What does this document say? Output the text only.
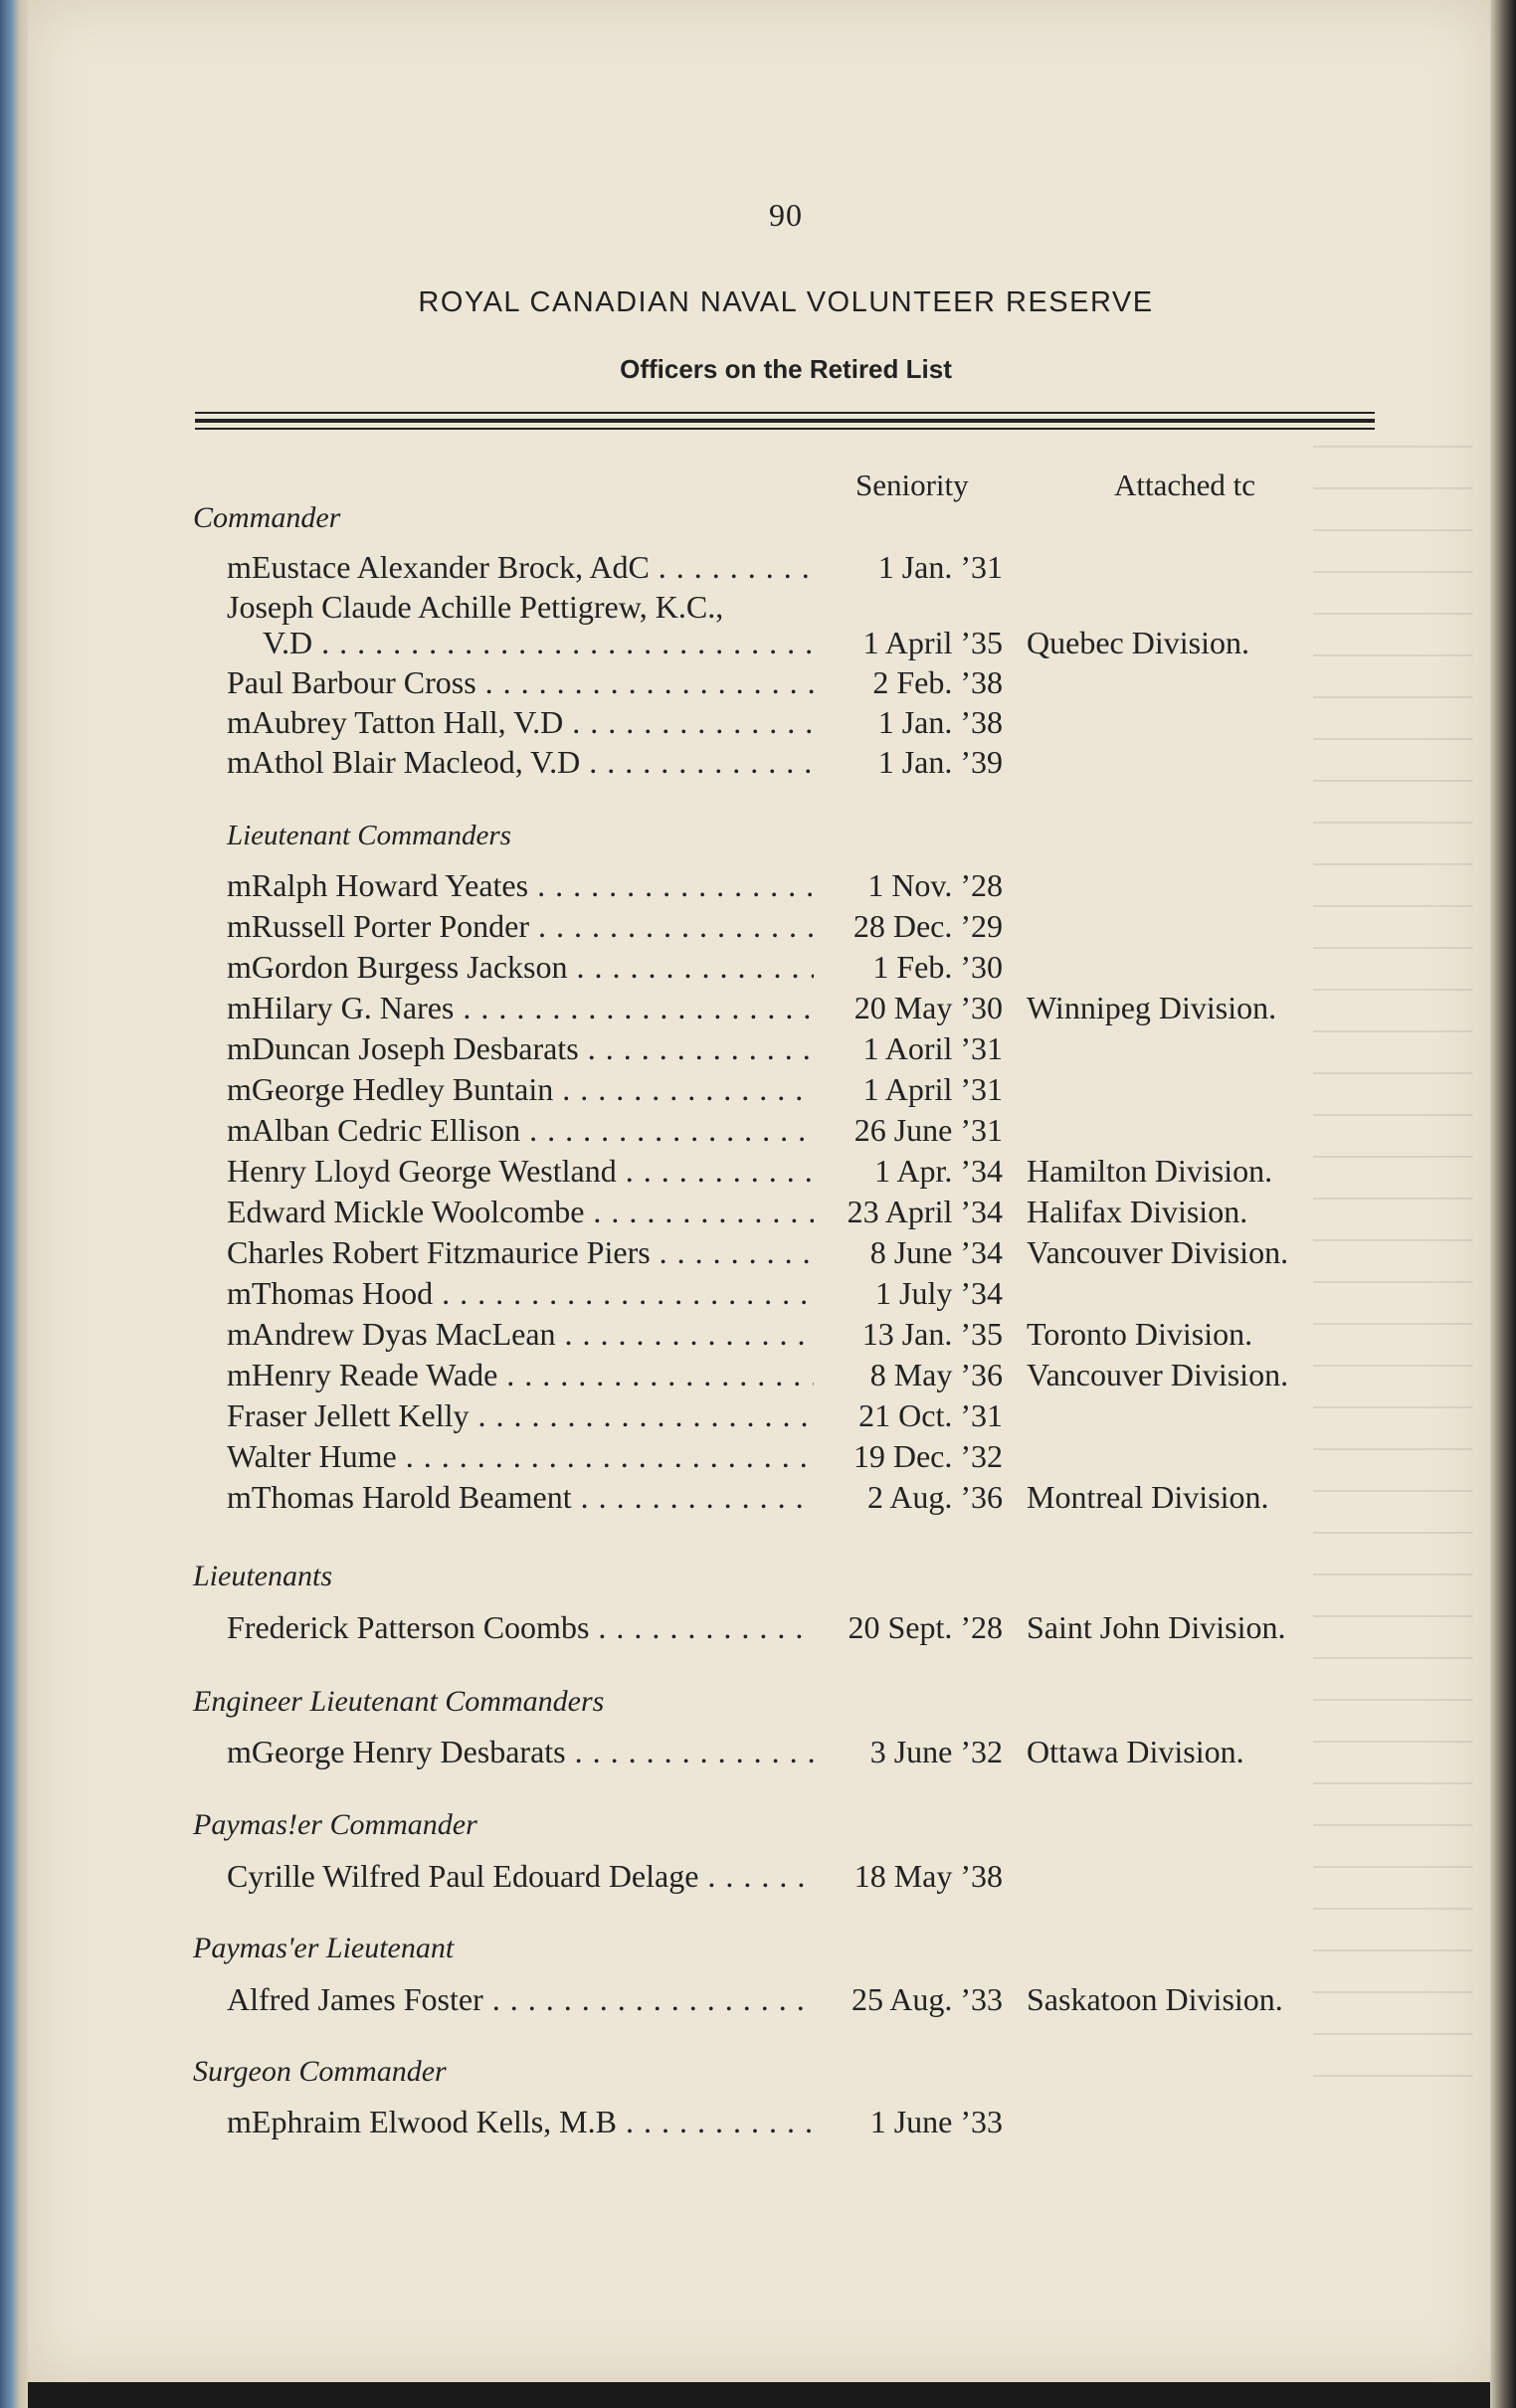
90
ROYAL CANADIAN NAVAL VOLUNTEER RESERVE
Officers on the Retired List
Seniority	Attached tc
Commander
mEustace Alexander Brock, AdC . . .	1 Jan. ’31
Joseph Claude Achille Pettigrew, K.C.,
V.D . . .	1 April ’35 Quebec Division.
Paul Barbour Cross . . .	2 Feb. ’38
mAubrey Tatton Hall, V.D . . .	1 Jan. ’38
mAthol Blair Macleod, V.D . . .	1 Jan. ’39
Lieutenant Commanders
mRalph Howard Yeates . . .	1 Nov. ’28
mRussell Porter Ponder . . .	28 Dec. ’29
mGordon Burgess Jackson . . .	1 Feb. ’30
mHilary G. Nares . . .	20 May ’30 Winnipeg Division.
mDuncan Joseph Desbarats . . .	1 Aoril ’31
mGeorge Hedley Buntain . . .	1 April ’31
mAlban Cedric Ellison . . .	26 June ’31
Henry Lloyd George Westland . . .	1 Apr. ’34 Hamilton Division.
Edward Mickle Woolcombe . . .	23 April ’34 Halifax Division.
Charles Robert Fitzmaurice Piers . . .	8 June ’34 Vancouver Division.
mThomas Hood . . .	1 July ’34
mAndrew Dyas MacLean . . .	13 Jan. ’35 Toronto Division.
mHenry Reade Wade . . .	8 May ’36 Vancouver Division.
Fraser Jellett Kelly . . .	21 Oct. ’31
Walter Hume . . .	19 Dec. ’32
mThomas Harold Beament . . .	2 Aug. ’36 Montreal Division.
Lieutenants
Frederick Patterson Coombs . . .	20 Sept. ’28 Saint John Division.
Engineer Lieutenant Commanders
mGeorge Henry Desbarats . . .	3 June ’32 Ottawa Division.
Paymas!er Commander
Cyrille Wilfred Paul Edouard Delage . . .	18 May ’38
Paymas'er Lieutenant
Alfred James Foster . . .	25 Aug. ’33 Saskatoon Division.
Surgeon Commander
mEphraim Elwood Kells, M.B . . .	1 June ’33
